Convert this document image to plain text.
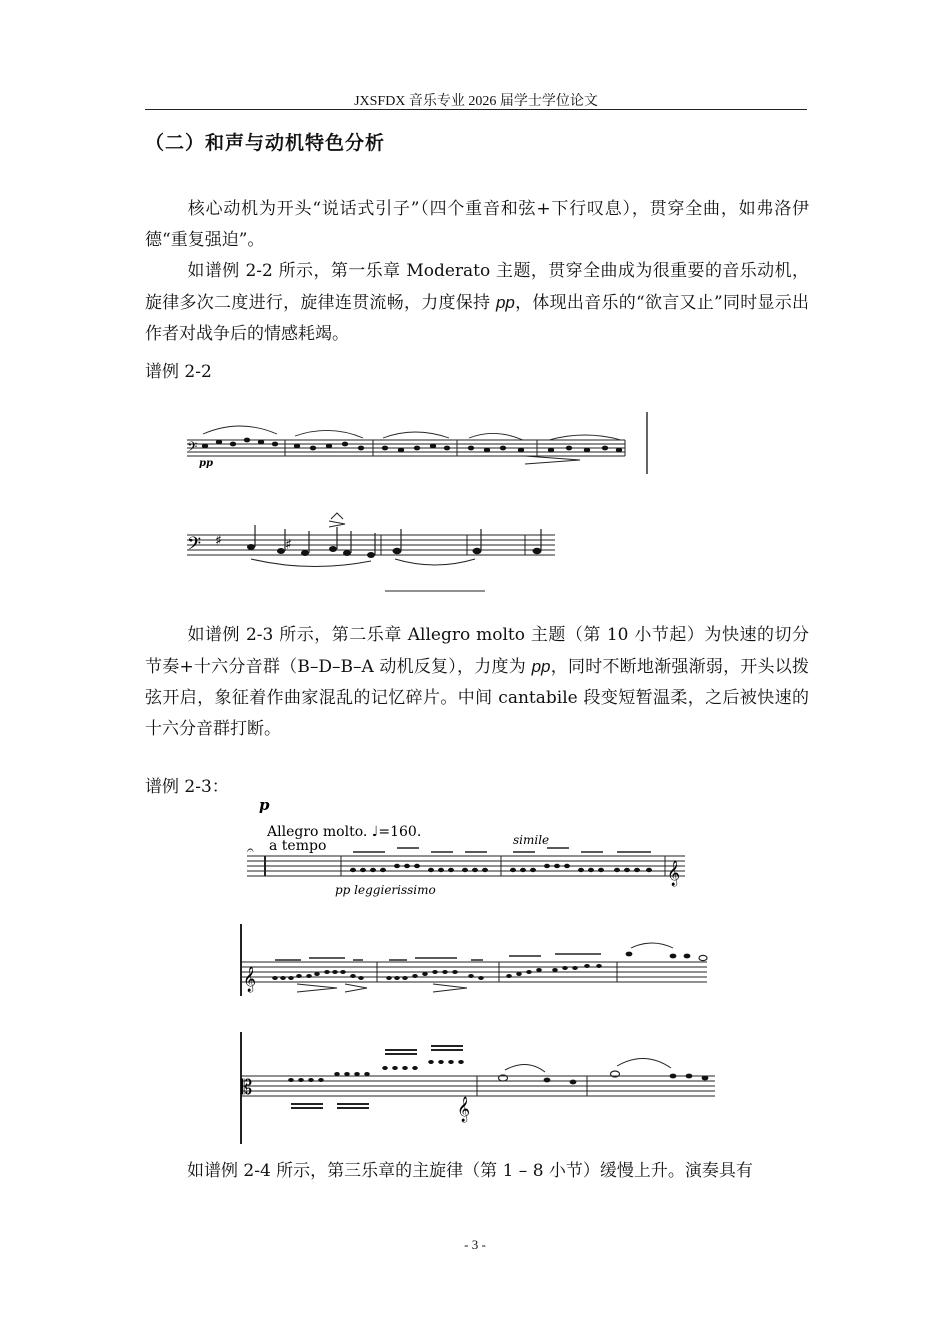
JXSFDX 音乐专业 2026 届学士学位论文
（二）和声与动机特色分析
核心动机为开头“说话式引子”（四个重音和弦+下行叹息），贯穿全曲，如弗洛伊德“重复强迫”。
如谱例 2-2 所示，第一乐章 Moderato 主题，贯穿全曲成为很重要的音乐动机，旋律多次二度进行，旋律连贯流畅，力度保持 pp，体现出音乐的“欲言又止”同时显示出作者对战争后的情感耗竭。
谱例 2-2
pp
𝄢
𝄢 ♯	♯
如谱例 2-3 所示，第二乐章 Allegro molto 主题（第 10 小节起）为快速的切分节奏+十六分音群（B–D–B–A 动机反复），力度为 pp，同时不断地渐强渐弱，开头以拨弦开启，象征着作曲家混乱的记忆碎片。中间 cantabile 段变短暂温柔，之后被快速的十六分音群打断。
谱例 2-3：
p
Allegro molto. ♩=160.
a tempo	simile
pp leggierissimo
𝄞
𝄐
𝄞
𝄡
𝄞
如谱例 2-4 所示，第三乐章的主旋律（第 1 – 8 小节）缓慢上升。演奏具有
- 3 -
